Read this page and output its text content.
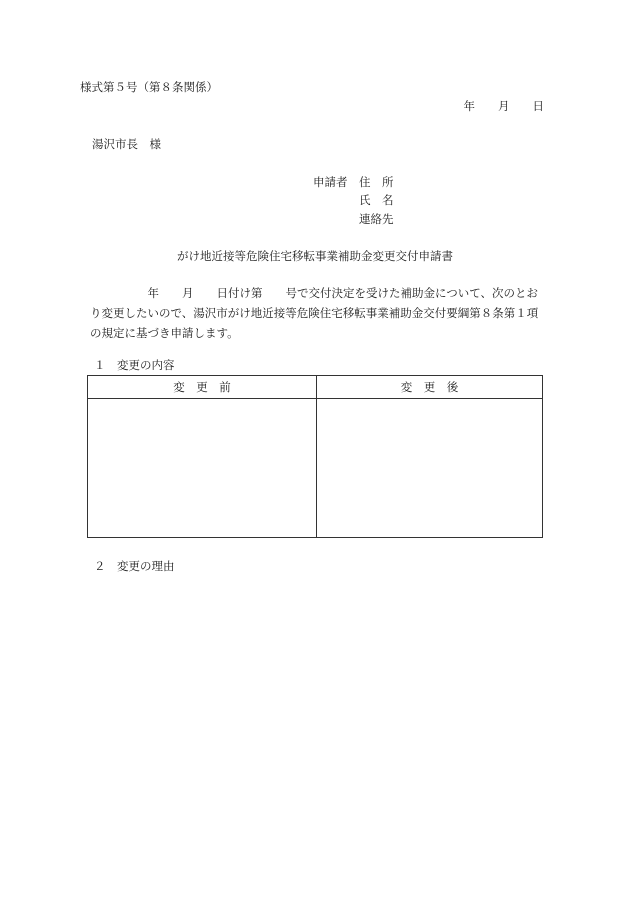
様式第５号（第８条関係）
年　　月　　日
湯沢市長　様
申請者 住　所
氏　名
連絡先
がけ地近接等危険住宅移転事業補助金変更交付申請書
　　　　　年　　月　　日付け第　　号で交付決定を受けた補助金について、次のとお
り変更したいので、湯沢市がけ地近接等危険住宅移転事業補助金交付要綱第８条第１項
の規定に基づき申請します。
１　変更の内容
変　更　前	変　更　後
２　変更の理由
